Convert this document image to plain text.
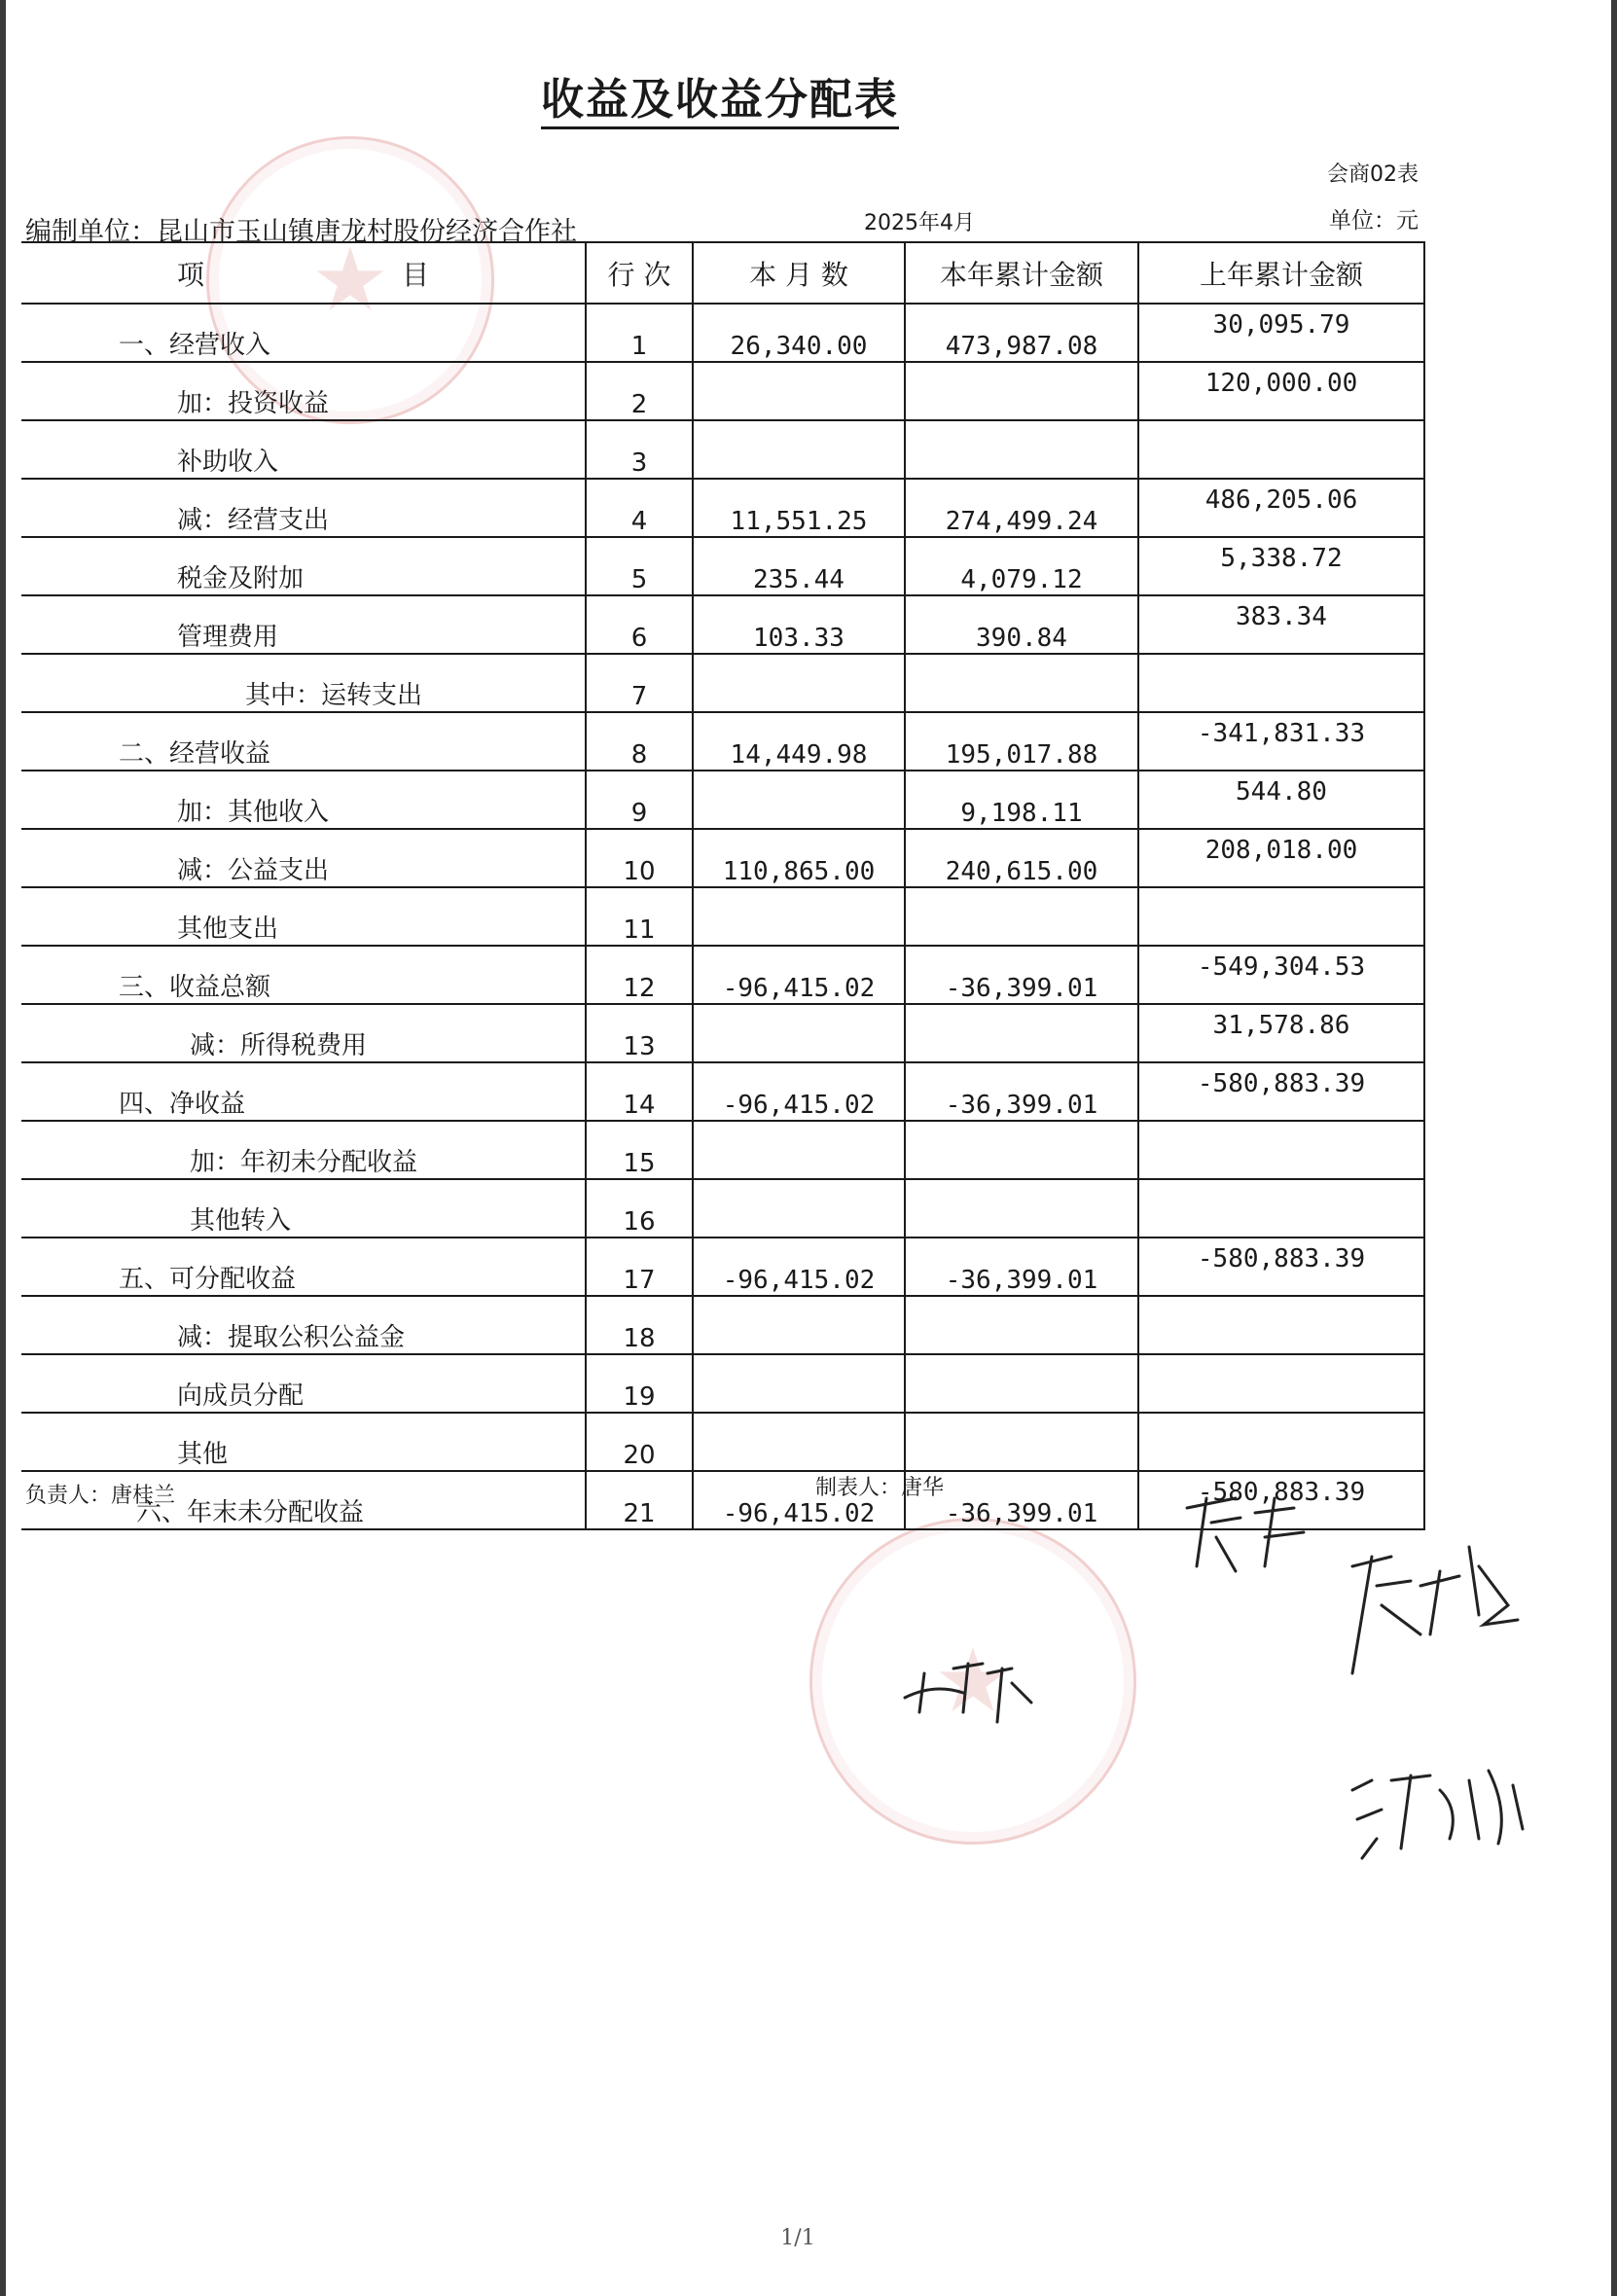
★
★
收益及收益分配表
会商02表
编制单位：昆山市玉山镇唐龙村股份经济合作社	2025年4月	单位：元
项 目	行 次	本 月 数	本年累计金额	上年累计金额

一、经营收入	1	26,340.00	473,987.08	30,095.79

加：投资收益	2			120,000.00

补助收入	3			

减：经营支出	4	11,551.25	274,499.24	486,205.06

税金及附加	5	235.44	4,079.12	5,338.72

管理费用	6	103.33	390.84	383.34

其中：运转支出	7			

二、经营收益	8	14,449.98	195,017.88	-341,831.33

加：其他收入	9		9,198.11	544.80

减：公益支出	10	110,865.00	240,615.00	208,018.00

其他支出	11			

三、收益总额	12	-96,415.02	-36,399.01	-549,304.53

减：所得税费用	13			31,578.86

四、净收益	14	-96,415.02	-36,399.01	-580,883.39

加：年初未分配收益	15			

其他转入	16			

五、可分配收益	17	-96,415.02	-36,399.01	-580,883.39

减：提取公积公益金	18			

向成员分配	19			

其他	20			

六、年末未分配收益	21	-96,415.02	-36,399.01	-580,883.39
负责人：唐桂兰	制表人：唐华
1/1
